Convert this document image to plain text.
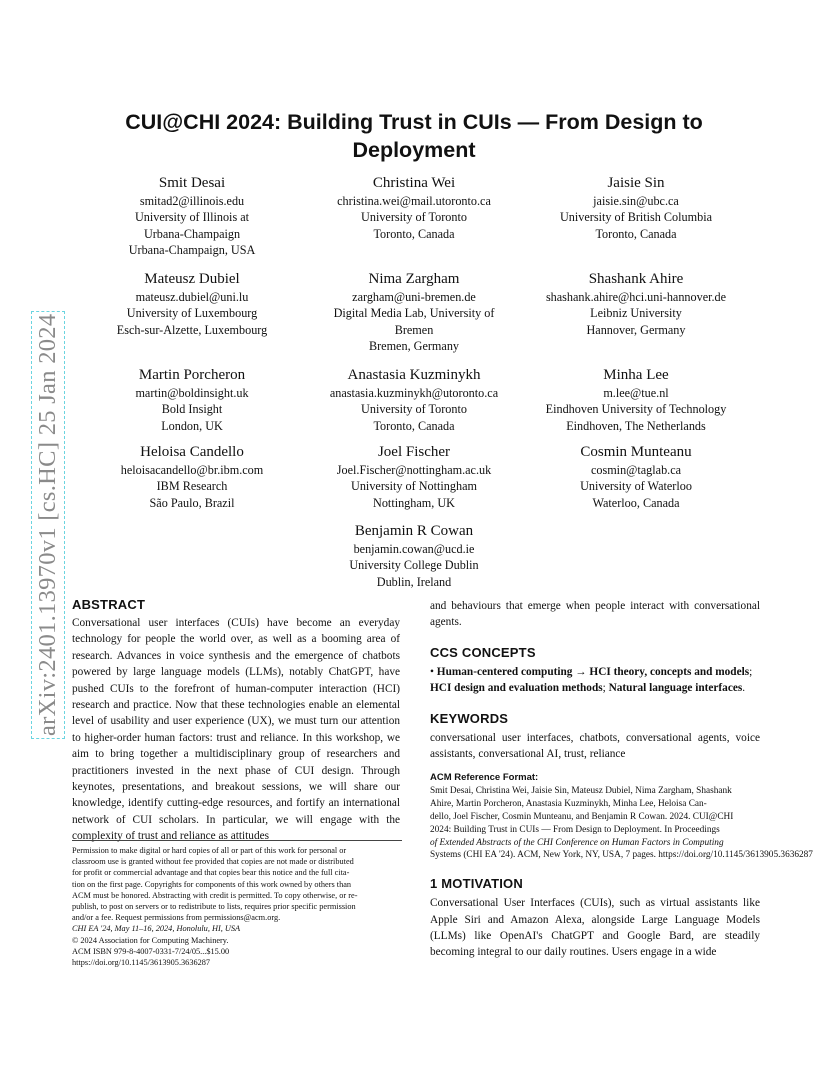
arXiv:2401.13970v1 [cs.HC] 25 Jan 2024
CUI@CHI 2024: Building Trust in CUIs — From Design to
Deployment
Smit Desai
smitad2@illinois.edu
University of Illinois at
Urbana-Champaign
Urbana-Champaign, USA
Christina Wei
christina.wei@mail.utoronto.ca
University of Toronto
Toronto, Canada
Jaisie Sin
jaisie.sin@ubc.ca
University of British Columbia
Toronto, Canada
Mateusz Dubiel
mateusz.dubiel@uni.lu
University of Luxembourg
Esch-sur-Alzette, Luxembourg
Nima Zargham
zargham@uni-bremen.de
Digital Media Lab, University of
Bremen
Bremen, Germany
Shashank Ahire
shashank.ahire@hci.uni-hannover.de
Leibniz University
Hannover, Germany
Martin Porcheron
martin@boldinsight.uk
Bold Insight
London, UK
Anastasia Kuzminykh
anastasia.kuzminykh@utoronto.ca
University of Toronto
Toronto, Canada
Minha Lee
m.lee@tue.nl
Eindhoven University of Technology
Eindhoven, The Netherlands
Heloisa Candello
heloisacandello@br.ibm.com
IBM Research
São Paulo, Brazil
Joel Fischer
Joel.Fischer@nottingham.ac.uk
University of Nottingham
Nottingham, UK
Cosmin Munteanu
cosmin@taglab.ca
University of Waterloo
Waterloo, Canada
Benjamin R Cowan
benjamin.cowan@ucd.ie
University College Dublin
Dublin, Ireland
ABSTRACT

Conversational user interfaces (CUIs) have become an everyday technology for people the world over, as well as a booming area of research. Advances in voice synthesis and the emergence of chatbots powered by large language models (LLMs), notably ChatGPT, have pushed CUIs to the forefront of human-computer interaction (HCI) research and practice. Now that these technologies enable an elemental level of usability and user experience (UX), we must turn our attention to higher-order human factors: trust and reliance. In this workshop, we aim to bring together a multidisciplinary group of researchers and practitioners invested in the next phase of CUI design. Through keynotes, presentations, and breakout sessions, we will share our knowledge, identify cutting-edge resources, and fortify an international network of CUI scholars. In particular, we will engage with the complexity of trust and reliance as attitudes

Permission to make digital or hard copies of all or part of this work for personal or
classroom use is granted without fee provided that copies are not made or distributed
for profit or commercial advantage and that copies bear this notice and the full cita-
tion on the first page. Copyrights for components of this work owned by others than
ACM must be honored. Abstracting with credit is permitted. To copy otherwise, or re-
publish, to post on servers or to redistribute to lists, requires prior specific permission
and/or a fee. Request permissions from permissions@acm.org.
CHI EA '24, May 11–16, 2024, Honolulu, HI, USA
© 2024 Association for Computing Machinery.
ACM ISBN 979-8-4007-0331-7/24/05...$15.00
https://doi.org/10.1145/3613905.3636287

and behaviours that emerge when people interact with conversational agents.

CCS CONCEPTS

• Human-centered computing → HCI theory, concepts and models; HCI design and evaluation methods; Natural language interfaces.

KEYWORDS

conversational user interfaces, chatbots, conversational agents, voice assistants, conversational AI, trust, reliance

ACM Reference Format:

Smit Desai, Christina Wei, Jaisie Sin, Mateusz Dubiel, Nima Zargham, Shashank

Ahire, Martin Porcheron, Anastasia Kuzminykh, Minha Lee, Heloisa Can-

dello, Joel Fischer, Cosmin Munteanu, and Benjamin R Cowan. 2024. CUI@CHI

2024: Building Trust in CUIs — From Design to Deployment. In Proceedings

of Extended Abstracts of the CHI Conference on Human Factors in Computing

Systems (CHI EA '24). ACM, New York, NY, USA, 7 pages. https://doi.org/10.1145/3613905.3636287

1 MOTIVATION

Conversational User Interfaces (CUIs), such as virtual assistants like Apple Siri and Amazon Alexa, alongside Large Language Models (LLMs) like OpenAI's ChatGPT and Google Bard, are steadily becoming integral to our daily routines. Users engage in a wide
